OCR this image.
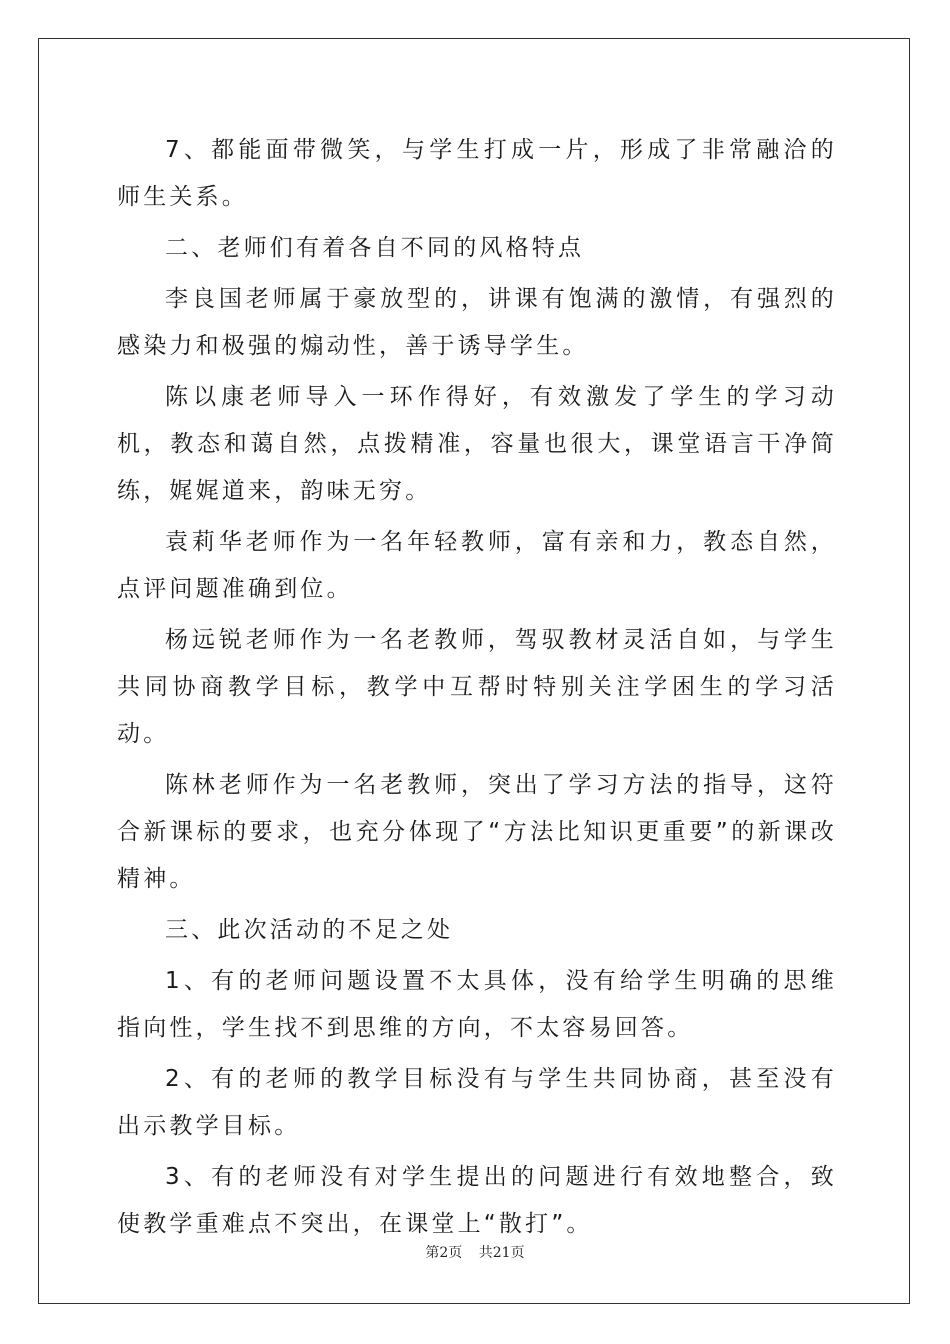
7、都能面带微笑，与学生打成一片，形成了非常融洽的师生关系。

二、老师们有着各自不同的风格特点

李良国老师属于豪放型的，讲课有饱满的激情，有强烈的感染力和极强的煽动性，善于诱导学生。

陈以康老师导入一环作得好，有效激发了学生的学习动机，教态和蔼自然，点拨精准，容量也很大，课堂语言干净简练，娓娓道来，韵味无穷。

袁莉华老师作为一名年轻教师，富有亲和力，教态自然，点评问题准确到位。

杨远锐老师作为一名老教师，驾驭教材灵活自如，与学生共同协商教学目标，教学中互帮时特别关注学困生的学习活动。

陈林老师作为一名老教师，突出了学习方法的指导，这符合新课标的要求，也充分体现了“方法比知识更重要”的新课改精神。

三、此次活动的不足之处

1、有的老师问题设置不太具体，没有给学生明确的思维指向性，学生找不到思维的方向，不太容易回答。

2、有的老师的教学目标没有与学生共同协商，甚至没有出示教学目标。

3、有的老师没有对学生提出的问题进行有效地整合，致使教学重难点不突出，在课堂上“散打”。

第2页 共21页
